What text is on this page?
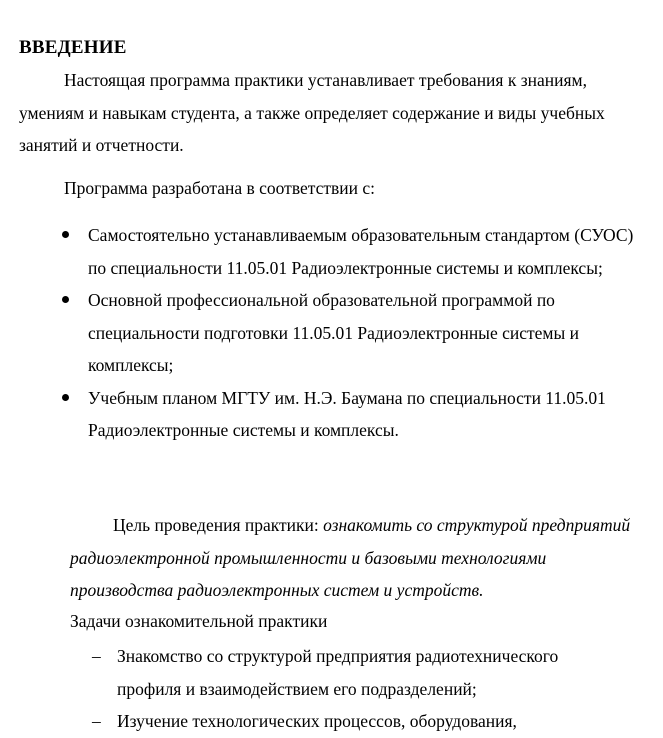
ВВЕДЕНИЕ
Настоящая программа практики устанавливает требования к знаниям, умениям и навыкам студента, а также определяет содержание и виды учебных занятий и отчетности.
Программа разработана в соответствии с:
Самостоятельно устанавливаемым образовательным стандартом (СУОС) по специальности 11.05.01 Радиоэлектронные системы и комплексы;
Основной профессиональной образовательной программой по специальности подготовки 11.05.01 Радиоэлектронные системы и комплексы;
Учебным планом МГТУ им. Н.Э. Баумана по специальности 11.05.01 Радиоэлектронные системы и комплексы.
Цель проведения практики: ознакомить со структурой предприятий радиоэлектронной промышленности и базовыми технологиями производства радиоэлектронных систем и устройств.
Задачи ознакомительной практики
– Знакомство со структурой предприятия радиотехнического профиля и взаимодействием его подразделений;
– Изучение технологических процессов, оборудования,
